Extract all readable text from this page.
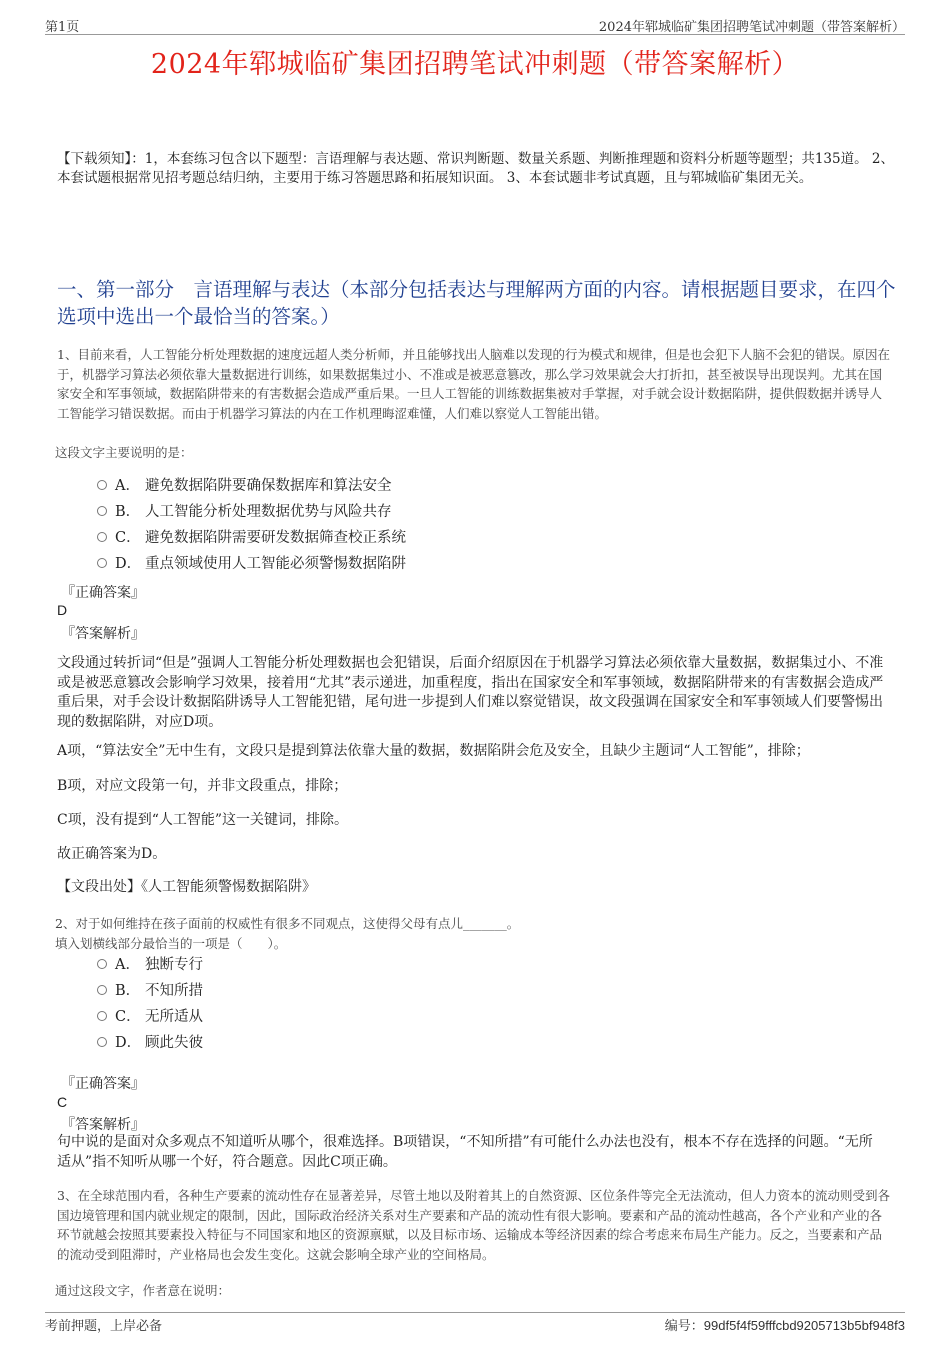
第1页	2024年郓城临矿集团招聘笔试冲刺题（带答案解析）
2024年郓城临矿集团招聘笔试冲刺题（带答案解析）
【下载须知】：1，本套练习包含以下题型：言语理解与表达题、常识判断题、数量关系题、判断推理题和资料分析题等题型；共135道。 2、本套试题根据常见招考题总结归纳，主要用于练习答题思路和拓展知识面。 3、本套试题非考试真题，且与郓城临矿集团无关。
一、第一部分　言语理解与表达（本部分包括表达与理解两方面的内容。请根据题目要求，在四个选项中选出一个最恰当的答案。）
1、目前来看，人工智能分析处理数据的速度远超人类分析师，并且能够找出人脑难以发现的行为模式和规律，但是也会犯下人脑不会犯的错误。原因在于，机器学习算法必须依靠大量数据进行训练，如果数据集过小、不准或是被恶意篡改，那么学习效果就会大打折扣，甚至被误导出现误判。尤其在国家安全和军事领域，数据陷阱带来的有害数据会造成严重后果。一旦人工智能的训练数据集被对手掌握，对手就会设计数据陷阱，提供假数据并诱导人工智能学习错误数据。而由于机器学习算法的内在工作机理晦涩难懂，人们难以察觉人工智能出错。
这段文字主要说明的是：
A． 避免数据陷阱要确保数据库和算法安全
B． 人工智能分析处理数据优势与风险共存
C． 避免数据陷阱需要研发数据筛查校正系统
D． 重点领域使用人工智能必须警惕数据陷阱
『正确答案』
D
『答案解析』
文段通过转折词“但是”强调人工智能分析处理数据也会犯错误，后面介绍原因在于机器学习算法必须依靠大量数据，数据集过小、不准或是被恶意篡改会影响学习效果，接着用“尤其”表示递进，加重程度，指出在国家安全和军事领域，数据陷阱带来的有害数据会造成严重后果，对手会设计数据陷阱诱导人工智能犯错，尾句进一步提到人们难以察觉错误，故文段强调在国家安全和军事领域人们要警惕出现的数据陷阱，对应D项。
A项，“算法安全”无中生有，文段只是提到算法依靠大量的数据，数据陷阱会危及安全，且缺少主题词“人工智能”，排除；
B项，对应文段第一句，并非文段重点，排除；
C项，没有提到“人工智能”这一关键词，排除。
故正确答案为D。
【文段出处】《人工智能须警惕数据陷阱》
2、对于如何维持在孩子面前的权威性有很多不同观点，这使得父母有点儿_______。
填入划横线部分最恰当的一项是（　　）。
A． 独断专行
B． 不知所措
C． 无所适从
D． 顾此失彼
『正确答案』
C
『答案解析』
句中说的是面对众多观点不知道听从哪个，很难选择。B项错误，“不知所措”有可能什么办法也没有，根本不存在选择的问题。“无所适从”指不知听从哪一个好，符合题意。因此C项正确。
3、在全球范围内看，各种生产要素的流动性存在显著差异，尽管土地以及附着其上的自然资源、区位条件等完全无法流动，但人力资本的流动则受到各国边境管理和国内就业规定的限制，因此，国际政治经济关系对生产要素和产品的流动性有很大影响。要素和产品的流动性越高，各个产业和产业的各环节就越会按照其要素投入特征与不同国家和地区的资源禀赋，以及目标市场、运输成本等经济因素的综合考虑来布局生产能力。反之，当要素和产品的流动受到阻滞时，产业格局也会发生变化。这就会影响全球产业的空间格局。
通过这段文字，作者意在说明：
考前押题，上岸必备	编号：99df5f4f59fffcbd9205713b5bf948f3
